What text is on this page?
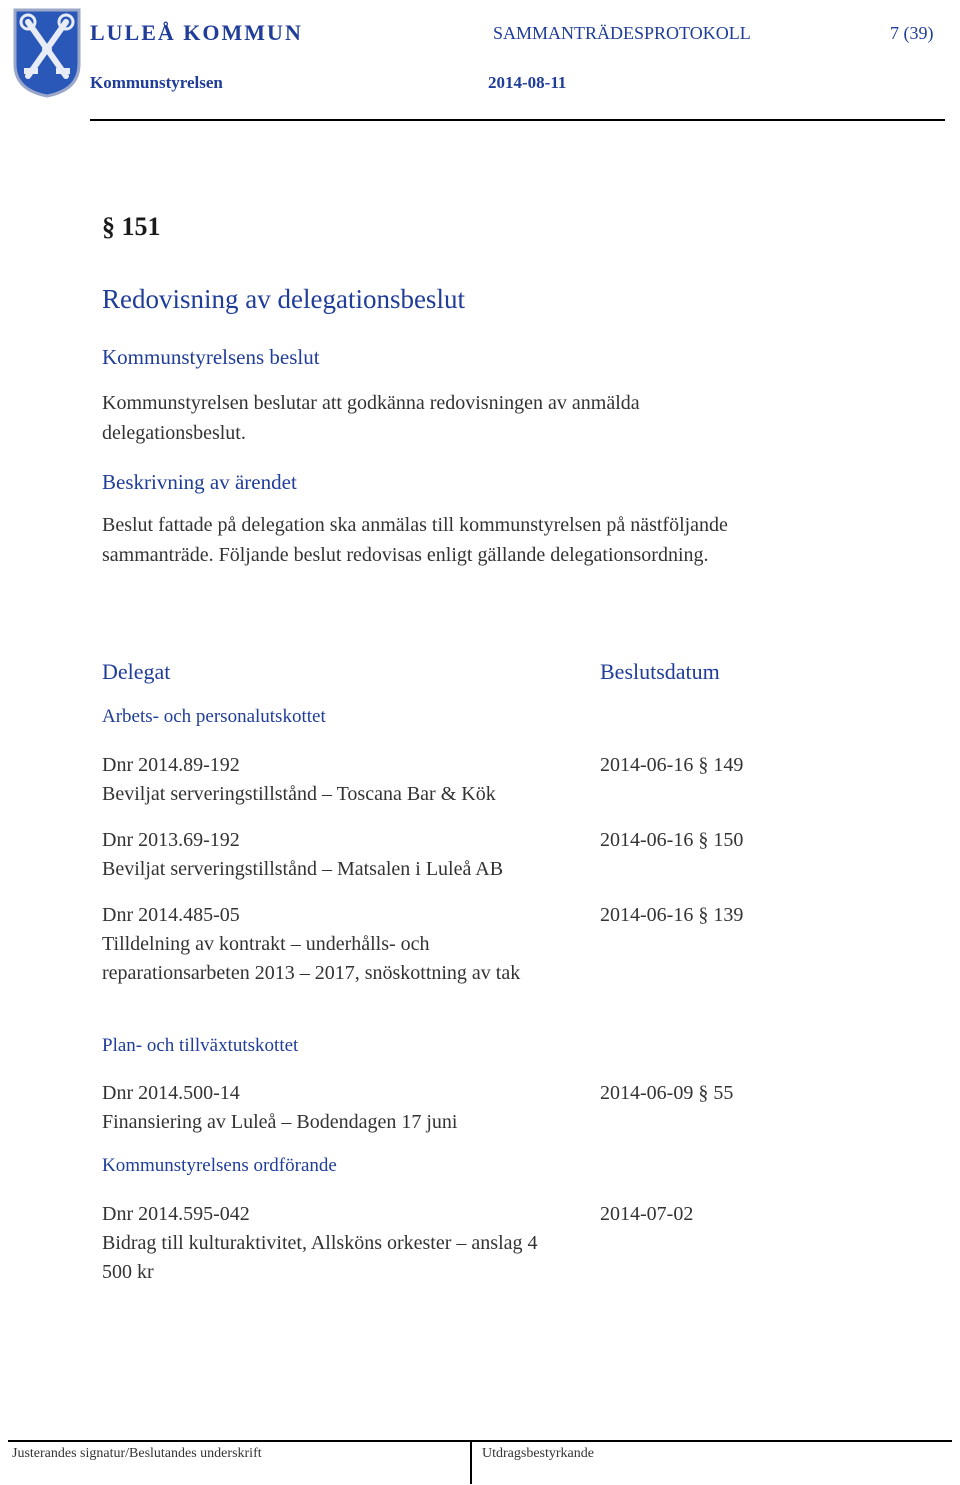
LULEÅ KOMMUN	SAMMANTRÄDESPROTOKOLL	7 (39)
Kommunstyrelsen	2014-08-11
§ 151
Redovisning av delegationsbeslut
Kommunstyrelsens beslut
Kommunstyrelsen beslutar att godkänna redovisningen av anmälda delegationsbeslut.
Beskrivning av ärendet
Beslut fattade på delegation ska anmälas till kommunstyrelsen på nästföljande sammanträde. Följande beslut redovisas enligt gällande delegationsordning.
Delegat	Beslutsdatum
Arbets- och personalutskottet
Dnr 2014.89-192
Beviljat serveringstillstånd – Toscana Bar & Kök
2014-06-16 § 149
Dnr 2013.69-192
Beviljat serveringstillstånd – Matsalen i Luleå AB
2014-06-16 § 150
Dnr 2014.485-05
Tilldelning av kontrakt – underhålls- och reparationsarbeten 2013 – 2017, snöskottning av tak
2014-06-16 § 139
Plan- och tillväxtutskottet
Dnr 2014.500-14
Finansiering av Luleå – Bodendagen 17 juni
2014-06-09 § 55
Kommunstyrelsens ordförande
Dnr 2014.595-042
Bidrag till kulturaktivitet, Allsköns orkester – anslag 4 500 kr
2014-07-02
Justerandes signatur/Beslutandes underskrift	Utdragsbestyrkande
